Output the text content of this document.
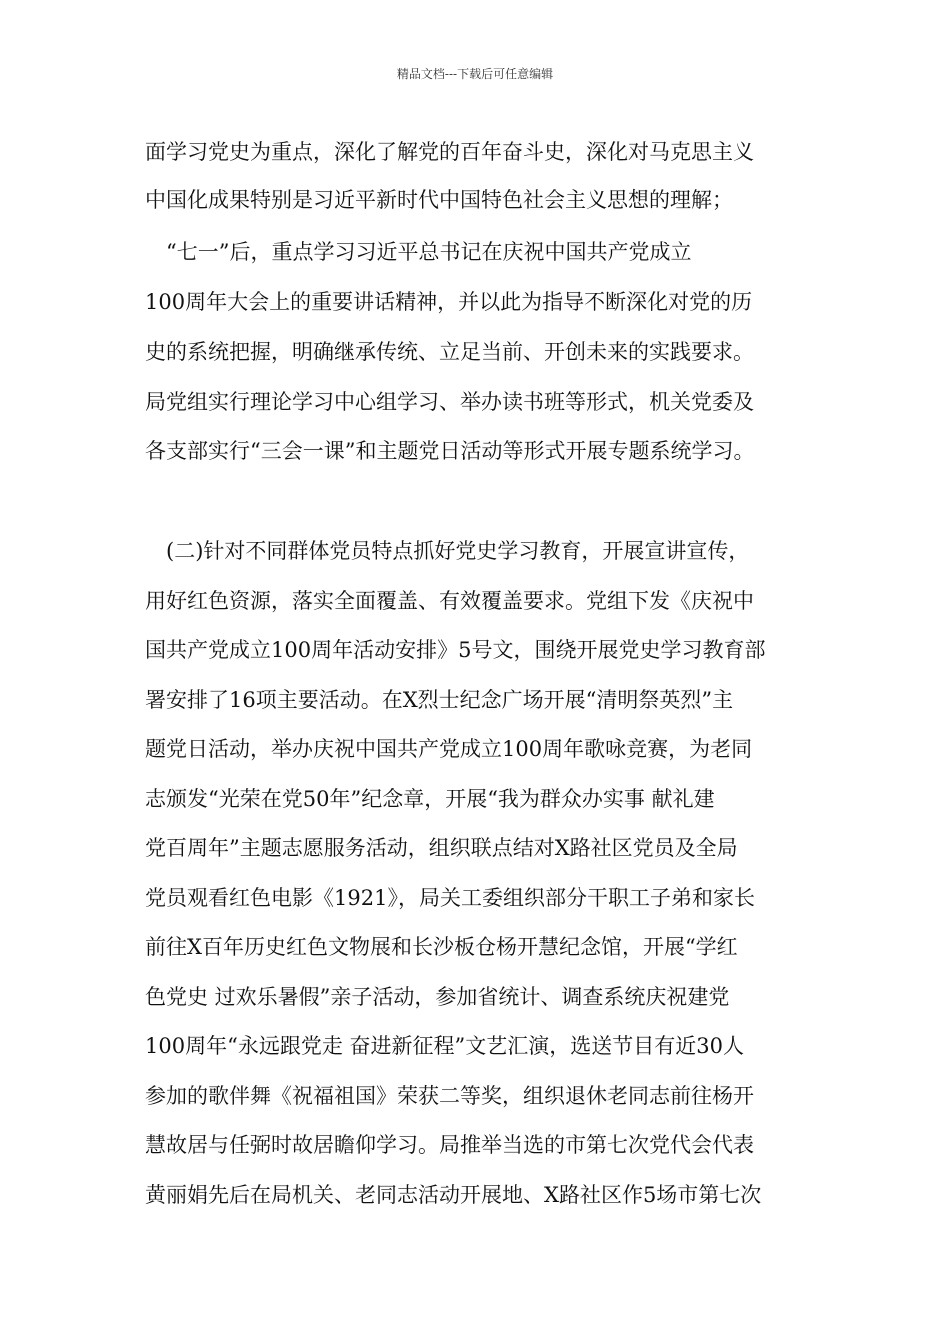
精品文档---下载后可任意编辑
面学习党史为重点，深化了解党的百年奋斗史，深化对马克思主义
中国化成果特别是习近平新时代中国特色社会主义思想的理解；
　“七一”后，重点学习习近平总书记在庆祝中国共产党成立
100周年大会上的重要讲话精神，并以此为指导不断深化对党的历
史的系统把握，明确继承传统、立足当前、开创未来的实践要求。
局党组实行理论学习中心组学习、举办读书班等形式，机关党委及
各支部实行“三会一课”和主题党日活动等形式开展专题系统学习。
　(二)针对不同群体党员特点抓好党史学习教育，开展宣讲宣传，
用好红色资源，落实全面覆盖、有效覆盖要求。党组下发《庆祝中
国共产党成立100周年活动安排》5号文，围绕开展党史学习教育部
署安排了16项主要活动。在X烈士纪念广场开展“清明祭英烈”主
题党日活动，举办庆祝中国共产党成立100周年歌咏竞赛，为老同
志颁发“光荣在党50年”纪念章，开展“我为群众办实事 献礼建
党百周年”主题志愿服务活动，组织联点结对X路社区党员及全局
党员观看红色电影《1921》，局关工委组织部分干职工子弟和家长
前往X百年历史红色文物展和长沙板仓杨开慧纪念馆，开展“学红
色党史 过欢乐暑假”亲子活动，参加省统计、调查系统庆祝建党
100周年“永远跟党走 奋进新征程”文艺汇演，选送节目有近30人
参加的歌伴舞《祝福祖国》荣获二等奖，组织退休老同志前往杨开
慧故居与任弼时故居瞻仰学习。局推举当选的市第七次党代会代表
黄丽娟先后在局机关、老同志活动开展地、X路社区作5场市第七次
